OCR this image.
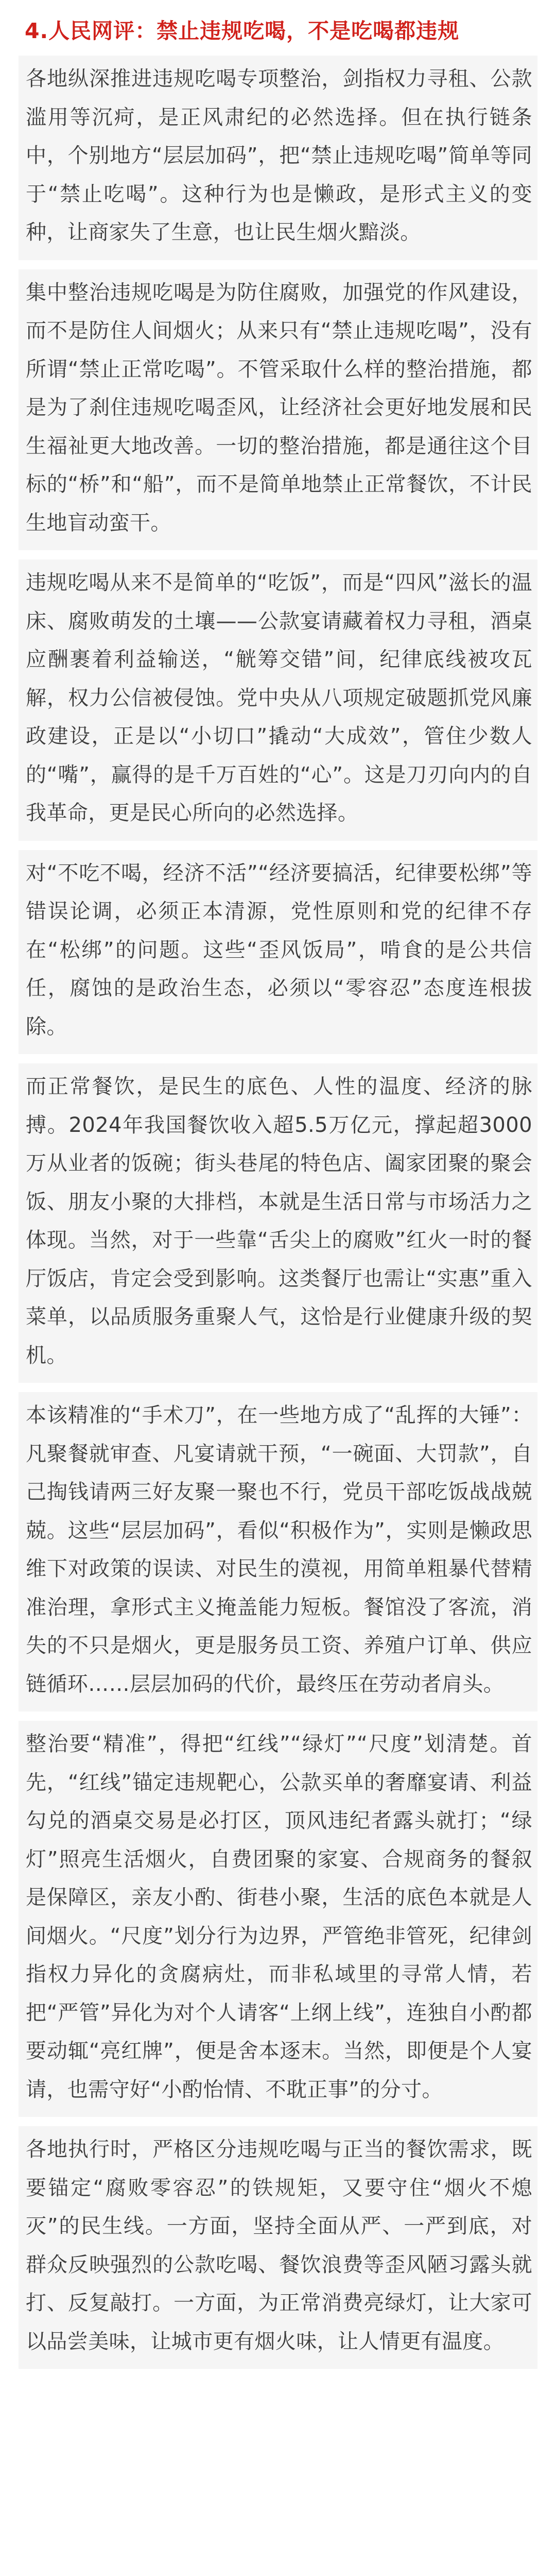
4.人民网评：禁止违规吃喝，不是吃喝都违规

各地纵深推进违规吃喝专项整治，剑指权力寻租、公款滥用等沉疴，是正风肃纪的必然选择。但在执行链条中，个别地方“层层加码”，把“禁止违规吃喝”简单等同于“禁止吃喝”。这种行为也是懒政，是形式主义的变种，让商家失了生意，也让民生烟火黯淡。

集中整治违规吃喝是为防住腐败，加强党的作风建设，而不是防住人间烟火；从来只有“禁止违规吃喝”，没有所谓“禁止正常吃喝”。不管采取什么样的整治措施，都是为了刹住违规吃喝歪风，让经济社会更好地发展和民生福祉更大地改善。一切的整治措施，都是通往这个目标的“桥”和“船”，而不是简单地禁止正常餐饮，不计民生地盲动蛮干。

违规吃喝从来不是简单的“吃饭”，而是“四风”滋长的温床、腐败萌发的土壤——公款宴请藏着权力寻租，酒桌应酬裹着利益输送，“觥筹交错”间，纪律底线被攻瓦解，权力公信被侵蚀。党中央从八项规定破题抓党风廉政建设，正是以“小切口”撬动“大成效”，管住少数人的“嘴”，赢得的是千万百姓的“心”。这是刀刃向内的自我革命，更是民心所向的必然选择。

对“不吃不喝，经济不活”“经济要搞活，纪律要松绑”等错误论调，必须正本清源，党性原则和党的纪律不存在“松绑”的问题。这些“歪风饭局”，啃食的是公共信任，腐蚀的是政治生态，必须以“零容忍”态度连根拔除。

而正常餐饮，是民生的底色、人性的温度、经济的脉搏。2024年我国餐饮收入超5.5万亿元，撑起超3000万从业者的饭碗；街头巷尾的特色店、阖家团聚的聚会饭、朋友小聚的大排档，本就是生活日常与市场活力之体现。当然，对于一些靠“舌尖上的腐败”红火一时的餐厅饭店，肯定会受到影响。这类餐厅也需让“实惠”重入菜单，以品质服务重聚人气，这恰是行业健康升级的契机。

本该精准的“手术刀”，在一些地方成了“乱挥的大锤”：凡聚餐就审查、凡宴请就干预，“一碗面、大罚款”，自己掏钱请两三好友聚一聚也不行，党员干部吃饭战战兢兢。这些“层层加码”，看似“积极作为”，实则是懒政思维下对政策的误读、对民生的漠视，用简单粗暴代替精准治理，拿形式主义掩盖能力短板。餐馆没了客流，消失的不只是烟火，更是服务员工资、养殖户订单、供应链循环……层层加码的代价，最终压在劳动者肩头。

整治要“精准”，得把“红线”“绿灯”“尺度”划清楚。首先，“红线”锚定违规靶心，公款买单的奢靡宴请、利益勾兑的酒桌交易是必打区，顶风违纪者露头就打；“绿灯”照亮生活烟火，自费团聚的家宴、合规商务的餐叙是保障区，亲友小酌、街巷小聚，生活的底色本就是人间烟火。“尺度”划分行为边界，严管绝非管死，纪律剑指权力异化的贪腐病灶，而非私域里的寻常人情，若把“严管”异化为对个人请客“上纲上线”，连独自小酌都要动辄“亮红牌”，便是舍本逐末。当然，即便是个人宴请，也需守好“小酌怡情、不耽正事”的分寸。

各地执行时，严格区分违规吃喝与正当的餐饮需求，既要锚定“腐败零容忍”的铁规矩，又要守住“烟火不熄灭”的民生线。一方面，坚持全面从严、一严到底，对群众反映强烈的公款吃喝、餐饮浪费等歪风陋习露头就打、反复敲打。一方面，为正常消费亮绿灯，让大家可以品尝美味，让城市更有烟火味，让人情更有温度。
